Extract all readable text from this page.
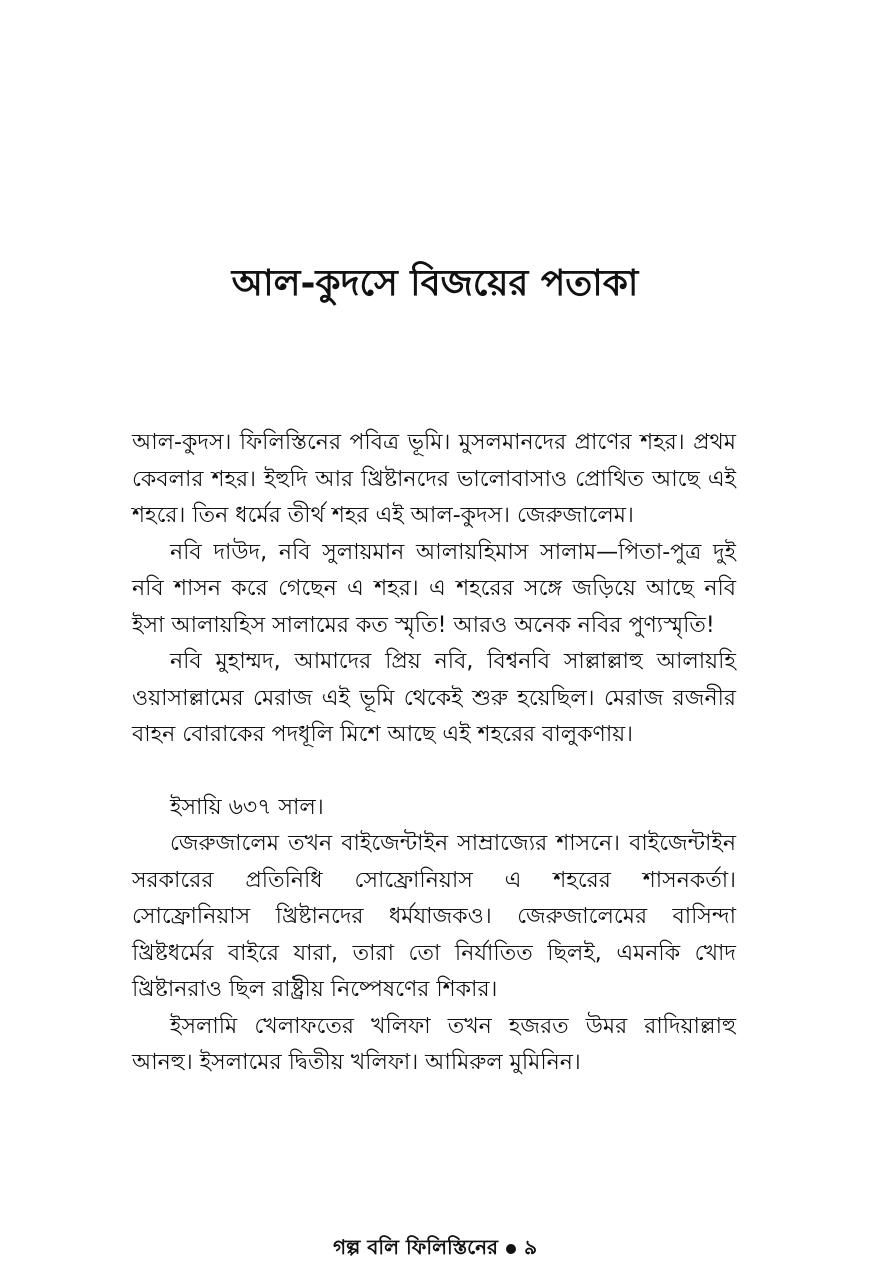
আল-কুদসে বিজয়ের পতাকা

আল-কুদস। ফিলিস্তিনের পবিত্র ভূমি। মুসলমানদের প্রাণের শহর। প্রথম কেবলার শহর। ইহুদি আর খ্রিষ্টানদের ভালোবাসাও প্রোথিত আছে এই শহরে। তিন ধর্মের তীর্থ শহর এই আল-কুদস। জেরুজালেম।

নবি দাউদ, নবি সুলায়মান আলায়হিমাস সালাম—পিতা-পুত্র দুই নবি শাসন করে গেছেন এ শহর। এ শহরের সঙ্গে জড়িয়ে আছে নবি ইসা আলায়হিস সালামের কত স্মৃতি! আরও অনেক নবির পুণ্যস্মৃতি!

নবি মুহাম্মদ, আমাদের প্রিয় নবি, বিশ্বনবি সাল্লাল্লাহু আলায়হি ওয়াসাল্লামের মেরাজ এই ভূমি থেকেই শুরু হয়েছিল। মেরাজ রজনীর বাহন বোরাকের পদধূলি মিশে আছে এই শহরের বালুকণায়।

ইসায়ি ৬৩৭ সাল।

জেরুজালেম তখন বাইজেন্টাইন সাম্রাজ্যের শাসনে। বাইজেন্টাইন সরকারের প্রতিনিধি সোফ্রোনিয়াস এ শহরের শাসনকর্তা। সোফ্রোনিয়াস খ্রিষ্টানদের ধর্মযাজকও। জেরুজালেমের বাসিন্দা খ্রিষ্টধর্মের বাইরে যারা, তারা তো নির্যাতিত ছিলই, এমনকি খোদ খ্রিষ্টানরাও ছিল রাষ্ট্রীয় নিষ্পেষণের শিকার।

ইসলামি খেলাফতের খলিফা তখন হজরত উমর রাদিয়াল্লাহু আনহু। ইসলামের দ্বিতীয় খলিফা। আমিরুল মুমিনিন।

গল্প বলি ফিলিস্তিনের ৯
